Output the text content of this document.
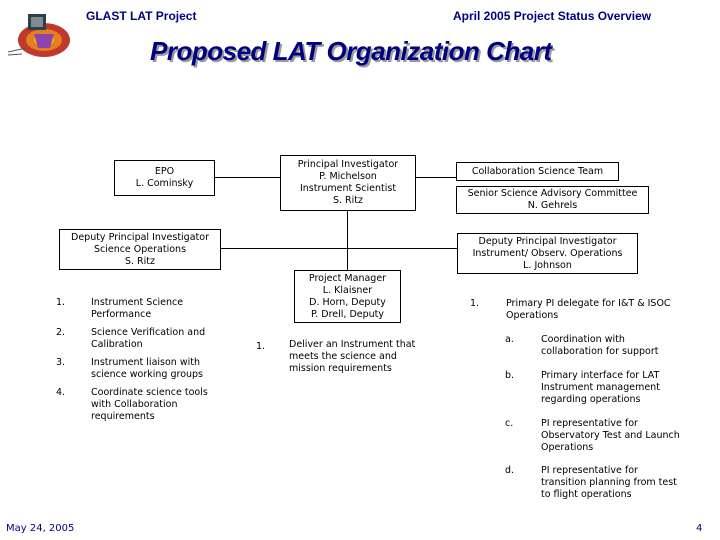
GLAST LAT Project	April 2005 Project Status Overview
Proposed LAT Organization Chart
EPO
L. Cominsky
Principal Investigator
P. Michelson
Instrument Scientist
S. Ritz
Collaboration Science Team
Senior Science Advisory Committee
N. Gehrels
Deputy Principal Investigator
Science Operations
S. Ritz
Deputy Principal Investigator
Instrument/ Observ. Operations
L. Johnson
Project Manager
L. Klaisner
D. Horn, Deputy
P. Drell, Deputy
1.	Instrument Science
Performance
2.	Science Verification and
Calibration
3.	Instrument liaison with
science working groups
4.	Coordinate science tools
with Collaboration
requirements
1.	Deliver an Instrument that
meets the science and
mission requirements
1.	Primary PI delegate for I&T & ISOC
Operations
a.	Coordination with
collaboration for support
b.	Primary interface for LAT
Instrument management
regarding operations
c.	PI representative for
Observatory Test and Launch
Operations
d.	PI representative for
transition planning from test
to flight operations
May 24, 2005	4
